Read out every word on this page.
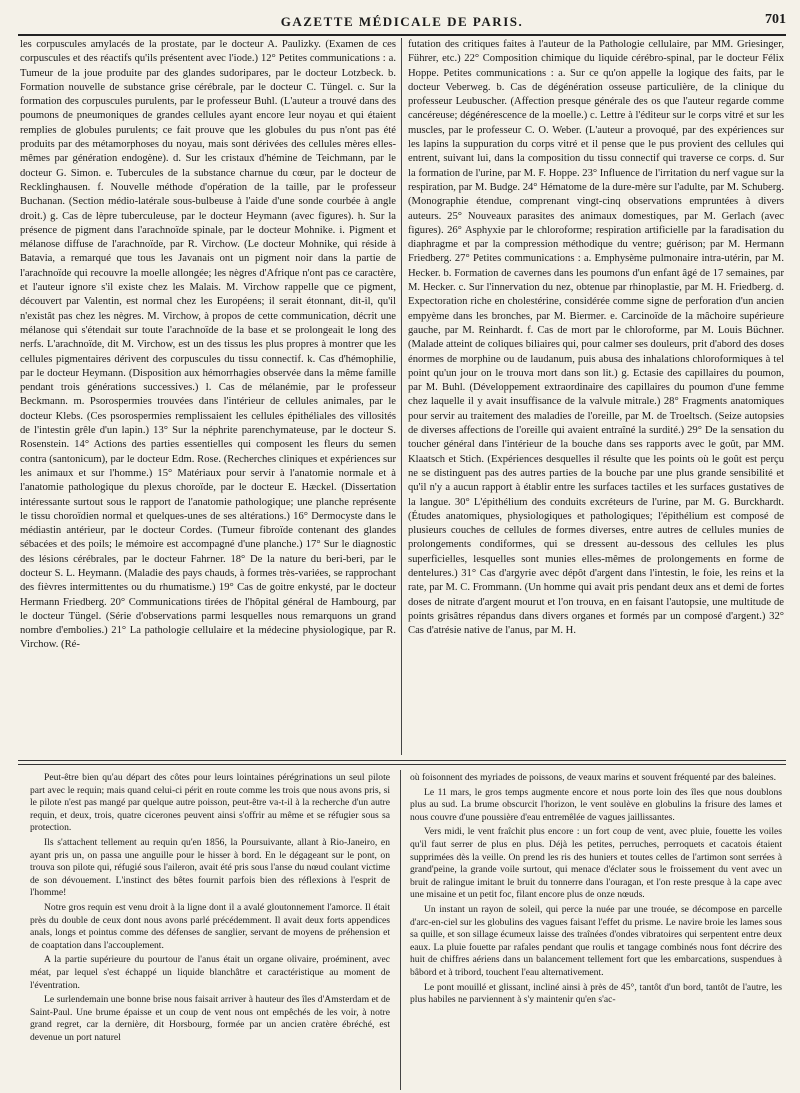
GAZETTE MÉDICALE DE PARIS.	701

les corpuscules amylacés de la prostate, par le docteur A. Paulizky. (Examen de ces corpuscules et des réactifs qu'ils présentent avec l'iode.) 12° Petites communications : a. Tumeur de la joue produite par des glandes sudoripares, par le docteur Lotzbeck. b. Formation nouvelle de substance grise cérébrale, par le docteur C. Tüngel. c. Sur la formation des corpuscules purulents, par le professeur Buhl. (L'auteur a trouvé dans des poumons de pneumoniques de grandes cellules ayant encore leur noyau et qui étaient remplies de globules purulents; ce fait prouve que les globules du pus n'ont pas été produits par des métamorphoses du noyau, mais sont dérivées des cellules mères elles-mêmes par génération endogène). d. Sur les cristaux d'hémine de Teichmann, par le docteur G. Simon. e. Tubercules de la substance charnue du cœur, par le docteur de Recklinghausen. f. Nouvelle méthode d'opération de la taille, par le professeur Buchanan. (Section médio-latérale sous-bulbeuse à l'aide d'une sonde courbée à angle droit.) g. Cas de lèpre tuberculeuse, par le docteur Heymann (avec figures). h. Sur la présence de pigment dans l'arachnoïde spinale, par le docteur Mohnike. i. Pigment et mélanose diffuse de l'arachnoïde, par R. Virchow. (Le docteur Mohnike, qui réside à Batavia, a remarqué que tous les Javanais ont un pigment noir dans la partie de l'arachnoïde qui recouvre la moelle allongée; les nègres d'Afrique n'ont pas ce caractère, et l'auteur ignore s'il existe chez les Malais. M. Virchow rappelle que ce pigment, découvert par Valentin, est normal chez les Européens; il serait étonnant, dit-il, qu'il n'existât pas chez les nègres. M. Virchow, à propos de cette communication, décrit une mélanose qui s'étendait sur toute l'arachnoïde de la base et se prolongeait le long des nerfs. L'arachnoïde, dit M. Virchow, est un des tissus les plus propres à montrer que les cellules pigmentaires dérivent des corpuscules du tissu connectif. k. Cas d'hémophilie, par le docteur Heymann. (Disposition aux hémorrhagies observée dans la même famille pendant trois générations successives.) l. Cas de mélanémie, par le professeur Beckmann. m. Psorospermies trouvées dans l'intérieur de cellules animales, par le docteur Klebs. (Ces psorospermies remplissaient les cellules épithéliales des villosités de l'intestin grêle d'un lapin.) 13° Sur la néphrite parenchymateuse, par le docteur S. Rosenstein. 14° Actions des parties essentielles qui composent les fleurs du semen contra (santonicum), par le docteur Edm. Rose. (Recherches cliniques et expériences sur les animaux et sur l'homme.) 15° Matériaux pour servir à l'anatomie normale et à l'anatomie pathologique du plexus choroïde, par le docteur E. Hæckel. (Dissertation intéressante surtout sous le rapport de l'anatomie pathologique; une planche représente le tissu choroïdien normal et quelques-unes de ses altérations.) 16° Dermocyste dans le médiastin antérieur, par le docteur Cordes. (Tumeur fibroïde contenant des glandes sébacées et des poils; le mémoire est accompagné d'une planche.) 17° Sur le diagnostic des lésions cérébrales, par le docteur Fahrner. 18° De la nature du beri-beri, par le docteur S. L. Heymann. (Maladie des pays chauds, à formes très-variées, se rapprochant des fièvres intermittentes ou du rhumatisme.) 19° Cas de goitre enkysté, par le docteur Hermann Friedberg. 20° Communications tirées de l'hôpital général de Hambourg, par le docteur Tüngel. (Série d'observations parmi lesquelles nous remarquons un grand nombre d'embolies.) 21° La pathologie cellulaire et la médecine physiologique, par R. Virchow. (Ré-

futation des critiques faites à l'auteur de la Pathologie cellulaire, par MM. Griesinger, Führer, etc.) 22° Composition chimique du liquide cérébro-spinal, par le docteur Félix Hoppe. Petites communications : a. Sur ce qu'on appelle la logique des faits, par le docteur Veberweg. b. Cas de dégénération osseuse particulière, de la clinique du professeur Leubuscher. (Affection presque générale des os que l'auteur regarde comme cancéreuse; dégénérescence de la moelle.) c. Lettre à l'éditeur sur le corps vitré et sur les muscles, par le professeur C. O. Weber. (L'auteur a provoqué, par des expériences sur les lapins la suppuration du corps vitré et il pense que le pus provient des cellules qui entrent, suivant lui, dans la composition du tissu connectif qui traverse ce corps. d. Sur la formation de l'urine, par M. F. Hoppe. 23° Influence de l'irritation du nerf vague sur la respiration, par M. Budge. 24° Hématome de la dure-mère sur l'adulte, par M. Schuberg. (Monographie étendue, comprenant vingt-cinq observations empruntées à divers auteurs. 25° Nouveaux parasites des animaux domestiques, par M. Gerlach (avec figures). 26° Asphyxie par le chloroforme; respiration artificielle par la faradisation du diaphragme et par la compression méthodique du ventre; guérison; par M. Hermann Friedberg. 27° Petites communications : a. Emphysème pulmonaire intra-utérin, par M. Hecker. b. Formation de cavernes dans les poumons d'un enfant âgé de 17 semaines, par M. Hecker. c. Sur l'innervation du nez, obtenue par rhinoplastie, par M. H. Friedberg. d. Expectoration riche en cholestérine, considérée comme signe de perforation d'un ancien empyème dans les bronches, par M. Biermer. e. Carcinoïde de la mâchoire supérieure gauche, par M. Reinhardt. f. Cas de mort par le chloroforme, par M. Louis Büchner. (Malade atteint de coliques biliaires qui, pour calmer ses douleurs, prit d'abord des doses énormes de morphine ou de laudanum, puis abusa des inhalations chloroformiques à tel point qu'un jour on le trouva mort dans son lit.) g. Ectasie des capillaires du poumon, par M. Buhl. (Développement extraordinaire des capillaires du poumon d'une femme chez laquelle il y avait insuffisance de la valvule mitrale.) 28° Fragments anatomiques pour servir au traitement des maladies de l'oreille, par M. de Troeltsch. (Seize autopsies de diverses affections de l'oreille qui avaient entraîné la surdité.) 29° De la sensation du toucher général dans l'intérieur de la bouche dans ses rapports avec le goût, par MM. Klaatsch et Stich. (Expériences desquelles il résulte que les points où le goût est perçu ne se distinguent pas des autres parties de la bouche par une plus grande sensibilité et qu'il n'y a aucun rapport à établir entre les surfaces tactiles et les surfaces gustatives de la langue. 30° L'épithélium des conduits excréteurs de l'urine, par M. G. Burckhardt. (Études anatomiques, physiologiques et pathologiques; l'épithélium est composé de plusieurs couches de cellules de formes diverses, entre autres de cellules munies de prolongements condiformes, qui se dressent au-dessous des cellules les plus superficielles, lesquelles sont munies elles-mêmes de prolongements en forme de dentelures.) 31° Cas d'argyrie avec dépôt d'argent dans l'intestin, le foie, les reins et la rate, par M. C. Frommann. (Un homme qui avait pris pendant deux ans et demi de fortes doses de nitrate d'argent mourut et l'on trouva, en en faisant l'autopsie, une multitude de points grisâtres répandus dans divers organes et formés par un composé d'argent.) 32° Cas d'atrésie native de l'anus, par M. H.

Peut-être bien qu'au départ des côtes pour leurs lointaines pérégrinations un seul pilote part avec le requin; mais quand celui-ci périt en route comme les trois que nous avons pris, si le pilote n'est pas mangé par quelque autre poisson, peut-être va-t-il à la recherche d'un autre requin, et deux, trois, quatre cicerones peuvent ainsi s'offrir au même et se réfugier sous sa protection.

Ils s'attachent tellement au requin qu'en 1856, la Poursuivante, allant à Rio-Janeiro, en ayant pris un, on passa une anguille pour le hisser à bord. En le dégageant sur le pont, on trouva son pilote qui, réfugié sous l'aileron, avait été pris sous l'anse du nœud coulant victime de son dévouement. L'instinct des bêtes fournit parfois bien des réflexions à l'esprit de l'homme!

Notre gros requin est venu droit à la ligne dont il a avalé gloutonnement l'amorce. Il était près du double de ceux dont nous avons parlé précédemment. Il avait deux forts appendices anals, longs et pointus comme des défenses de sanglier, servant de moyens de préhension et de coaptation dans l'accouplement.

A la partie supérieure du pourtour de l'anus était un organe olivaire, proéminent, avec méat, par lequel s'est échappé un liquide blanchâtre et caractéristique au moment de l'éventration.

Le surlendemain une bonne brise nous faisait arriver à hauteur des îles d'Amsterdam et de Saint-Paul. Une brume épaisse et un coup de vent nous ont empêchés de les voir, à notre grand regret, car la dernière, dit Horsbourg, formée par un ancien cratère ébréché, est devenue un port naturel

où foisonnent des myriades de poissons, de veaux marins et souvent fréquenté par des baleines.

Le 11 mars, le gros temps augmente encore et nous porte loin des îles que nous doublons plus au sud. La brume obscurcit l'horizon, le vent soulève en globulins la frisure des lames et nous couvre d'une poussière d'eau entremêlée de vagues jaillissantes.

Vers midi, le vent fraîchit plus encore : un fort coup de vent, avec pluie, fouette les voiles qu'il faut serrer de plus en plus. Déjà les petites, perruches, perroquets et cacatois étaient supprimées dès la veille. On prend les ris des huniers et toutes celles de l'artimon sont serrées à grand'peine, la grande voile surtout, qui menace d'éclater sous le froissement du vent avec un bruit de ralingue imitant le bruit du tonnerre dans l'ouragan, et l'on reste presque à la cape avec une misaine et un petit foc, filant encore plus de onze nœuds.

Un instant un rayon de soleil, qui perce la nuée par une trouée, se décompose en parcelle d'arc-en-ciel sur les globulins des vagues faisant l'effet du prisme. Le navire broie les lames sous sa quille, et son sillage écumeux laisse des traînées d'ondes vibratoires qui serpentent entre deux eaux. La pluie fouette par rafales pendant que roulis et tangage combinés nous font décrire des huit de chiffres aériens dans un balancement tellement fort que les embarcations, suspendues à bâbord et à tribord, touchent l'eau alternativement.

Le pont mouillé et glissant, incliné ainsi à près de 45°, tantôt d'un bord, tantôt de l'autre, les plus habiles ne parviennent à s'y maintenir qu'en s'ac-
